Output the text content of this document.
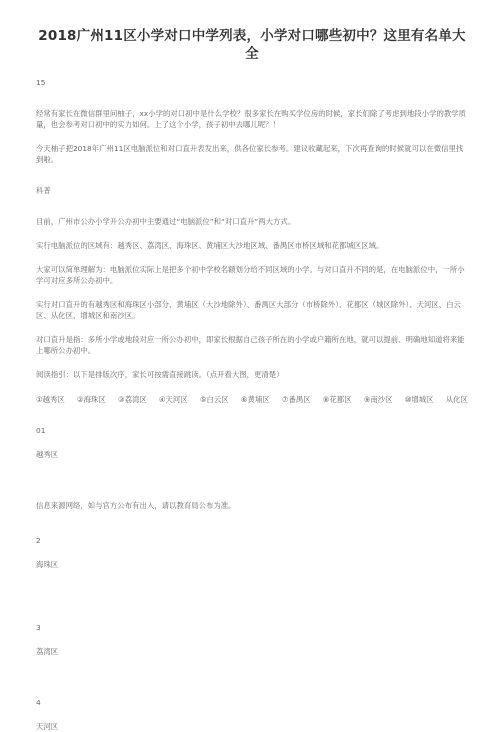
2018广州11区小学对口中学列表，小学对口哪些初中？这里有名单大全

15

经常有家长在微信群里问柚子，xx小学的对口初中是什么学校？很多家长在购买学位房的时候，家长们除了考虑到地段小学的教学质量，也会参考对口初中的实力如何。上了这个小学，孩子初中去哪儿呢？！

今天柚子把2018年广州11区电脑派位和对口直升表发出来，供各位家长参考。建议收藏起来，下次再查询的时候就可以在微信里找到啦。

科普

目前，广州市公办小学升公办初中主要通过“电脑派位”和“对口直升”两大方式。

实行电脑派位的区域有：越秀区、荔湾区、海珠区、黄埔区大沙地区域、番禺区市桥区域和花都城区区域。

大家可以简单理解为：电脑派位实际上是把多个初中学校名额划分给不同区域的小学。与对口直升不同的是，在电脑派位中，一所小学可对应多所公办初中。

实行对口直升的有越秀区和海珠区小部分、黄埔区（大沙地除外）、番禺区大部分（市桥除外）、花都区（城区除外）、天河区、白云区、从化区、增城区和南沙区。

对口直升是指：多所小学或地段对应一所公办初中，即家长根据自己孩子所在的小学或户籍所在地，就可以提前、明确地知道将来能上哪所公办初中。

阅读指引：以下是排版次序，家长可按需直接跳读。（点开看大图，更清楚）

①越秀区 ②海珠区 ③荔湾区 ④天河区 ⑤白云区 ⑥黄埔区 ⑦番禺区 ⑧花都区 ⑨南沙区 ⑩增城区 从化区

01

越秀区

信息来源网络，如与官方公布有出入，请以教育局公布为准。

2

海珠区

3

荔湾区

4

天河区
